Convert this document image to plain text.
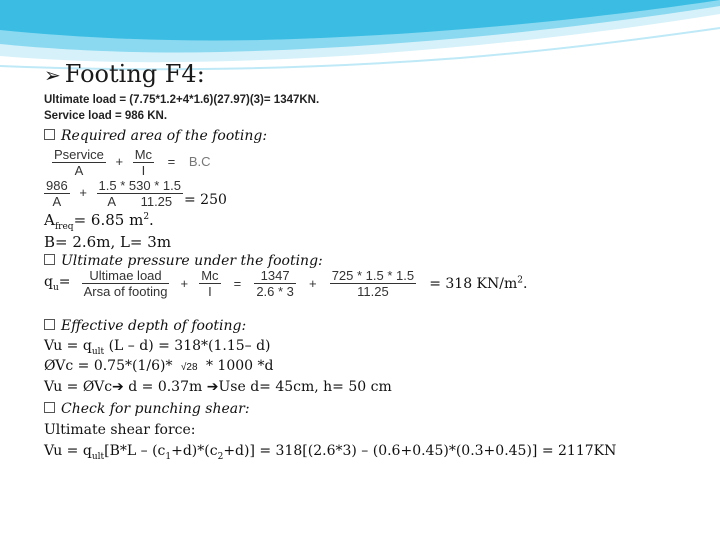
➢ Footing F4:
Ultimate load = (7.75*1.2+4*1.6)(27.97)(3)= 1347KN.
Service load = 986 KN.
Required area of the footing:
$\frac{\text{Pservice}}{A} + \frac{Mc}{I} = B.C$
$\frac{986}{A} + \frac{1.5 * 530 * 1.5}{A 11.25} = 250$
$A_{freq}= 6.85$ $m^2$.
B= 2.6m, L= 3m
Ultimate pressure under the footing:
$q_u= \frac{\text{Ultimae load}}{\text{Arsa of footing}} + \frac{Mc}{I} = \frac{1347}{2.6 * 3} + \frac{725 * 1.5 * 1.5}{11.25} = 318$ $KN/m^2$.
Effective depth of footing:
$Vu = q_{ult}$ (L – d) = 318*(1.15– d)
ØVc = 0.75*(1/6)* √28 * 1000 *d
Vu = ØVc➔ d = 0.37m ➔Use d= 45cm, h= 50 cm
Check for punching shear:
Ultimate shear force:
$Vu = q_{ult}[B*L - (c_1+d)*(c_2+d)] = 318[(2.6*3) - (0.6+0.45)*(0.3+0.45)] = 2117KN$
